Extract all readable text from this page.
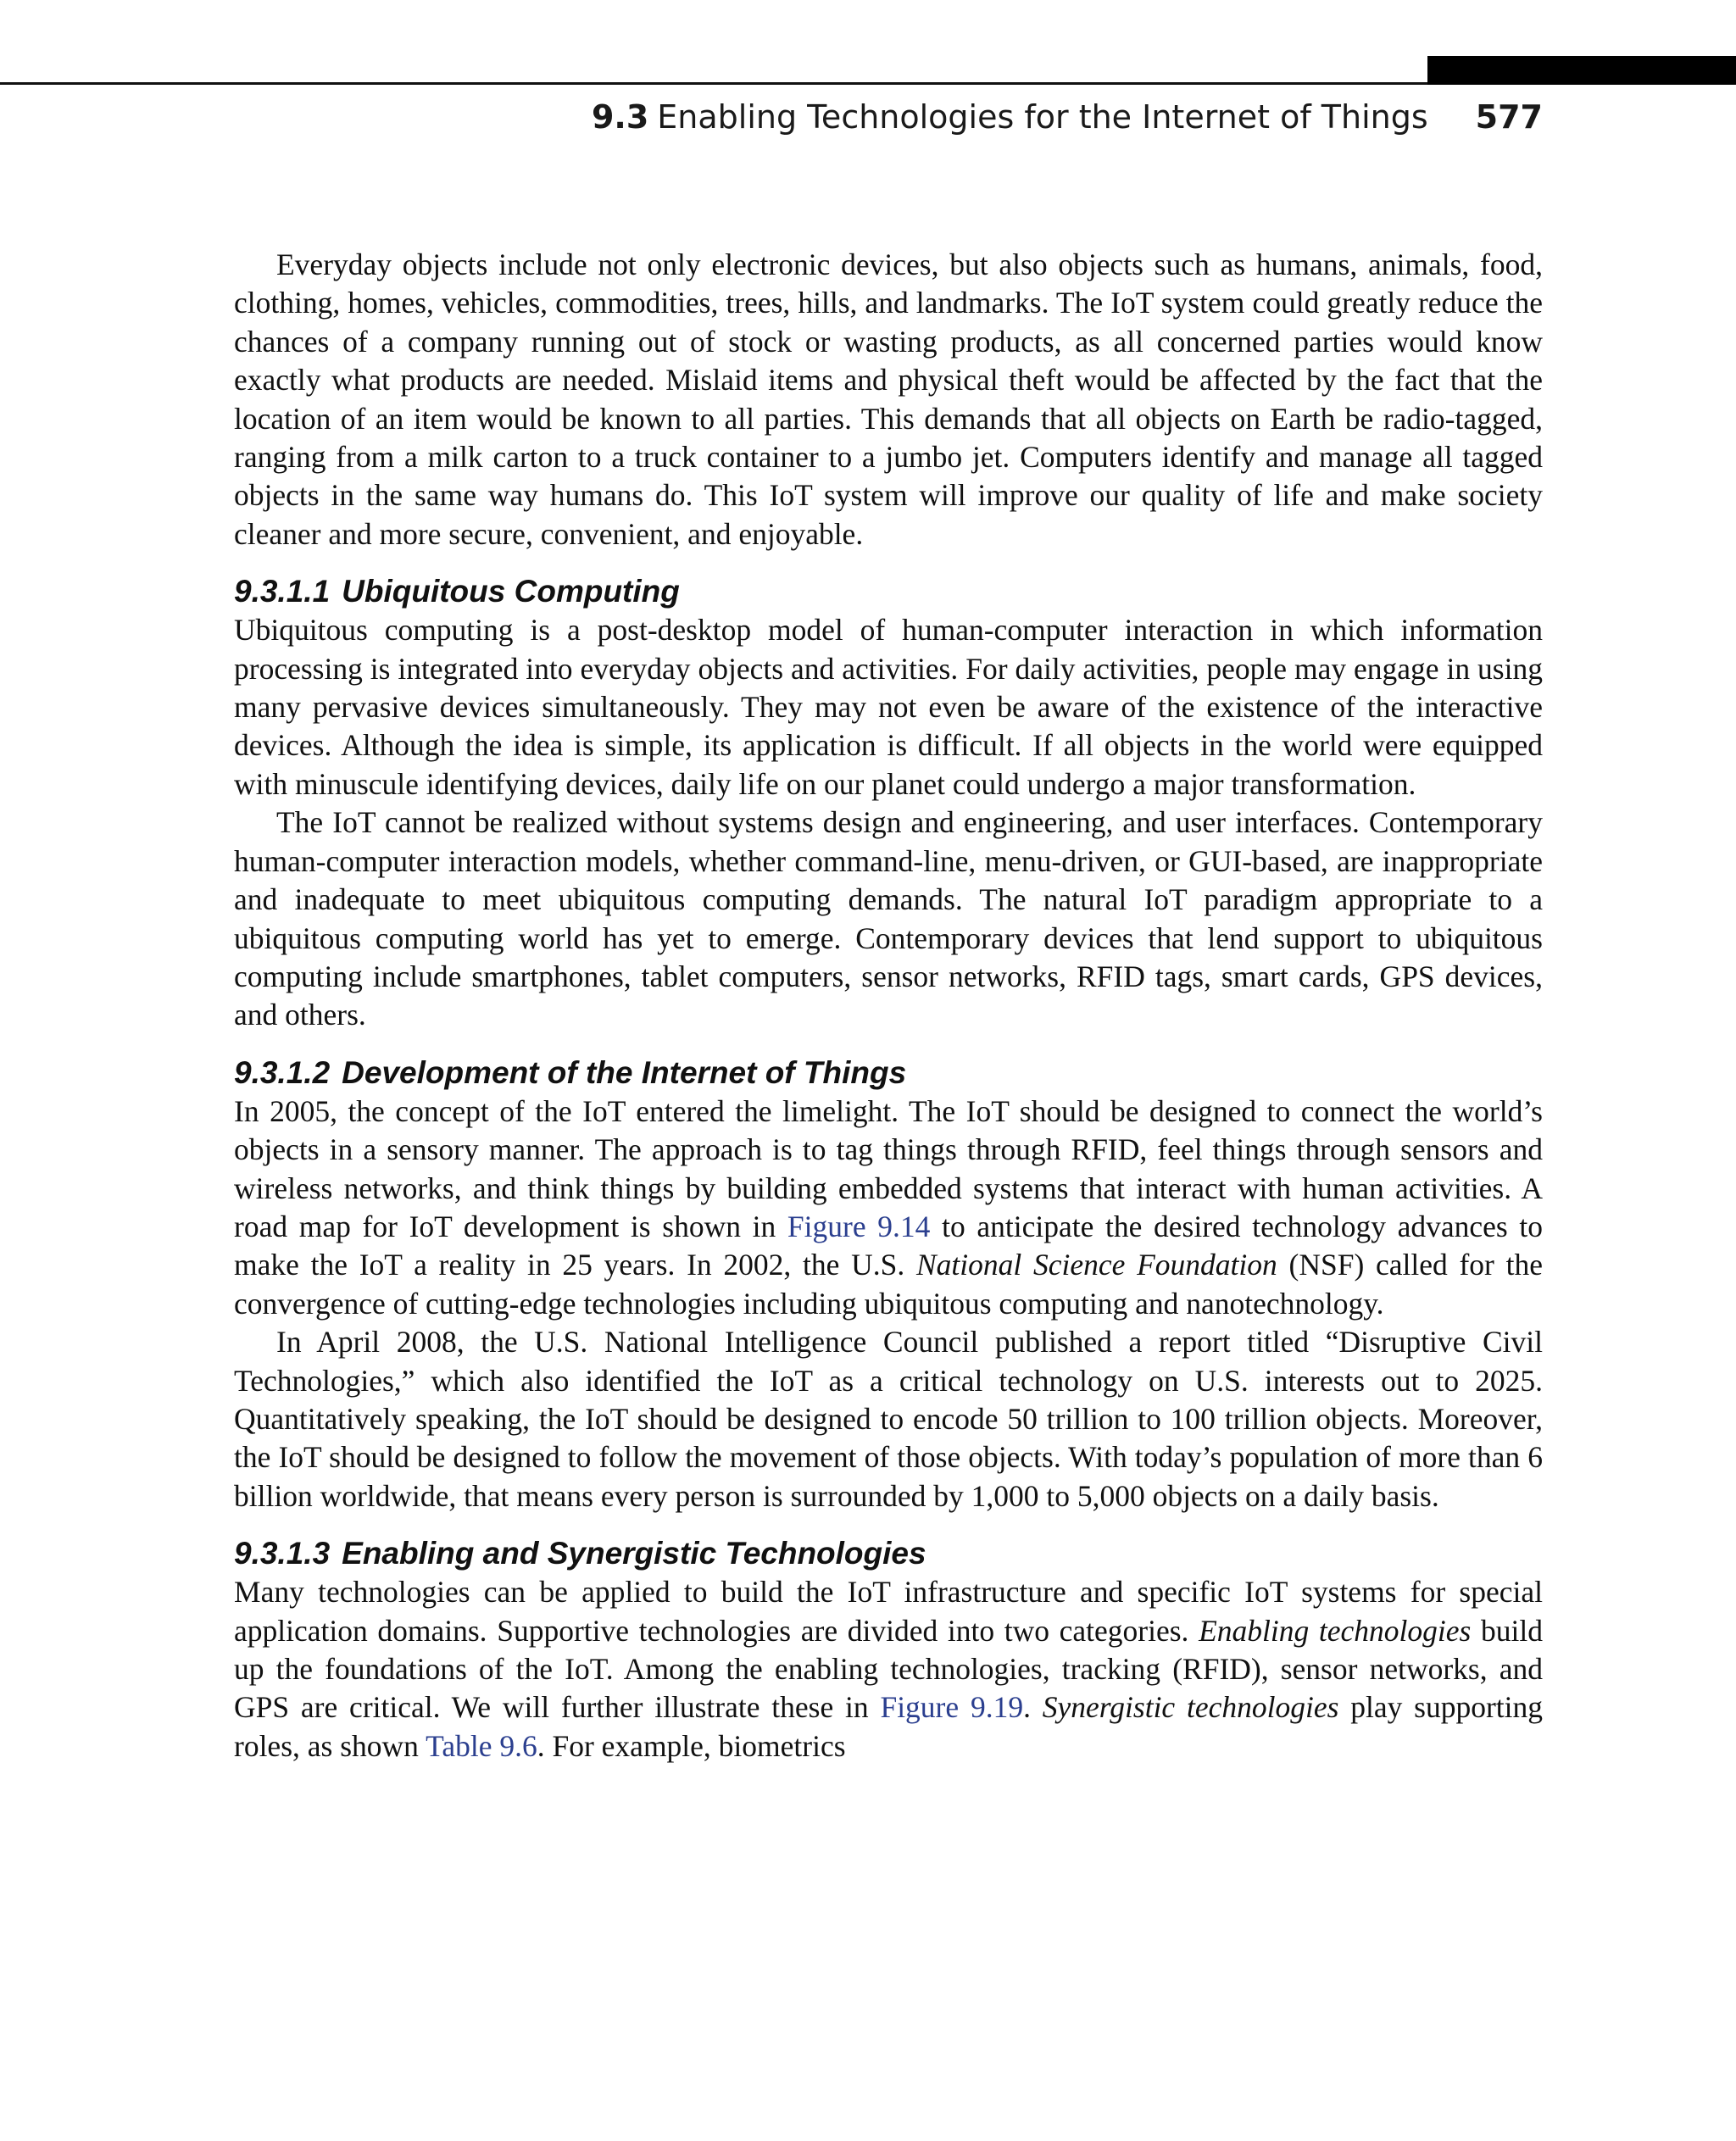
9.3 Enabling Technologies for the Internet of Things 577

Everyday objects include not only electronic devices, but also objects such as humans, animals, food, clothing, homes, vehicles, commodities, trees, hills, and landmarks. The IoT system could greatly reduce the chances of a company running out of stock or wasting products, as all concerned parties would know exactly what products are needed. Mislaid items and physical theft would be affected by the fact that the location of an item would be known to all parties. This demands that all objects on Earth be radio-tagged, ranging from a milk carton to a truck container to a jumbo jet. Computers identify and manage all tagged objects in the same way humans do. This IoT system will improve our quality of life and make society cleaner and more secure, convenient, and enjoyable.

9.3.1.1 Ubiquitous Computing

Ubiquitous computing is a post-desktop model of human-computer interaction in which information processing is integrated into everyday objects and activities. For daily activities, people may engage in using many pervasive devices simultaneously. They may not even be aware of the existence of the interactive devices. Although the idea is simple, its application is difficult. If all objects in the world were equipped with minuscule identifying devices, daily life on our planet could undergo a major transformation.

The IoT cannot be realized without systems design and engineering, and user interfaces. Contemporary human-computer interaction models, whether command-line, menu-driven, or GUI-based, are inappropriate and inadequate to meet ubiquitous computing demands. The natural IoT paradigm appropriate to a ubiquitous computing world has yet to emerge. Contemporary devices that lend support to ubiquitous computing include smartphones, tablet computers, sensor networks, RFID tags, smart cards, GPS devices, and others.

9.3.1.2 Development of the Internet of Things

In 2005, the concept of the IoT entered the limelight. The IoT should be designed to connect the world’s objects in a sensory manner. The approach is to tag things through RFID, feel things through sensors and wireless networks, and think things by building embedded systems that interact with human activities. A road map for IoT development is shown in Figure 9.14 to anticipate the desired technology advances to make the IoT a reality in 25 years. In 2002, the U.S. National Science Foundation (NSF) called for the convergence of cutting-edge technologies including ubiquitous computing and nanotechnology.

In April 2008, the U.S. National Intelligence Council published a report titled “Disruptive Civil Technologies,” which also identified the IoT as a critical technology on U.S. interests out to 2025. Quantitatively speaking, the IoT should be designed to encode 50 trillion to 100 trillion objects. Moreover, the IoT should be designed to follow the movement of those objects. With today’s population of more than 6 billion worldwide, that means every person is surrounded by 1,000 to 5,000 objects on a daily basis.

9.3.1.3 Enabling and Synergistic Technologies

Many technologies can be applied to build the IoT infrastructure and specific IoT systems for special application domains. Supportive technologies are divided into two categories. Enabling technologies build up the foundations of the IoT. Among the enabling technologies, tracking (RFID), sensor networks, and GPS are critical. We will further illustrate these in Figure 9.19. Synergistic technologies play supporting roles, as shown Table 9.6. For example, biometrics
